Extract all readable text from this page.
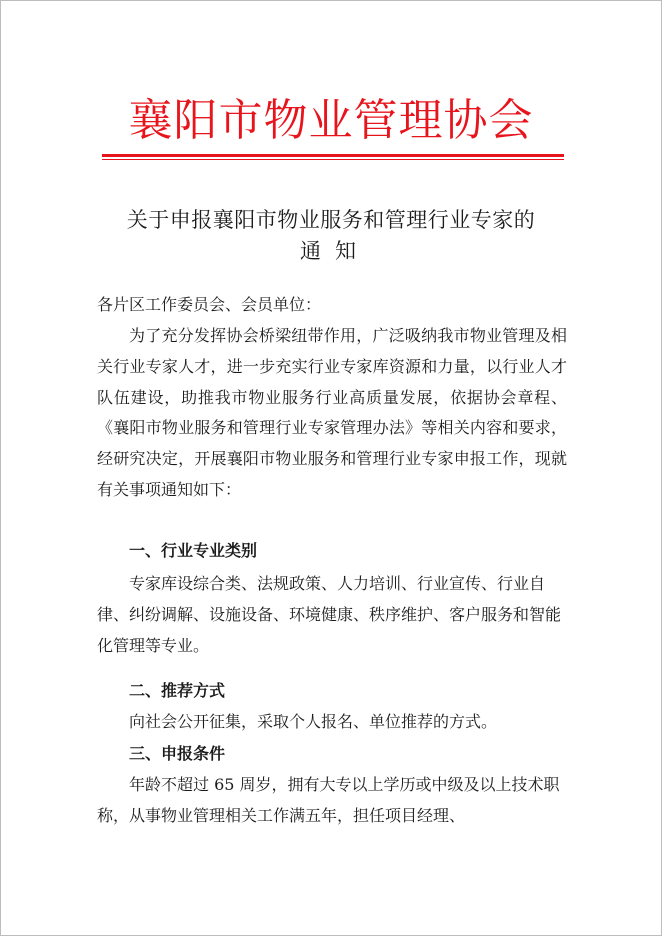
襄阳市物业管理协会
关于申报襄阳市物业服务和管理行业专家的
通知
各片区工作委员会、会员单位：
为了充分发挥协会桥梁纽带作用，广泛吸纳我市物业管理及相关行业专家人才，进一步充实行业专家库资源和力量，以行业人才队伍建设，助推我市物业服务行业高质量发展，依据协会章程、《襄阳市物业服务和管理行业专家管理办法》等相关内容和要求，经研究决定，开展襄阳市物业服务和管理行业专家申报工作，现就有关事项通知如下：
一、行业专业类别
专家库设综合类、法规政策、人力培训、行业宣传、行业自律、纠纷调解、设施设备、环境健康、秩序维护、客户服务和智能化管理等专业。
二、推荐方式
向社会公开征集，采取个人报名、单位推荐的方式。
三、申报条件
年龄不超过 65 周岁，拥有大专以上学历或中级及以上技术职称，从事物业管理相关工作满五年，担任项目经理、
